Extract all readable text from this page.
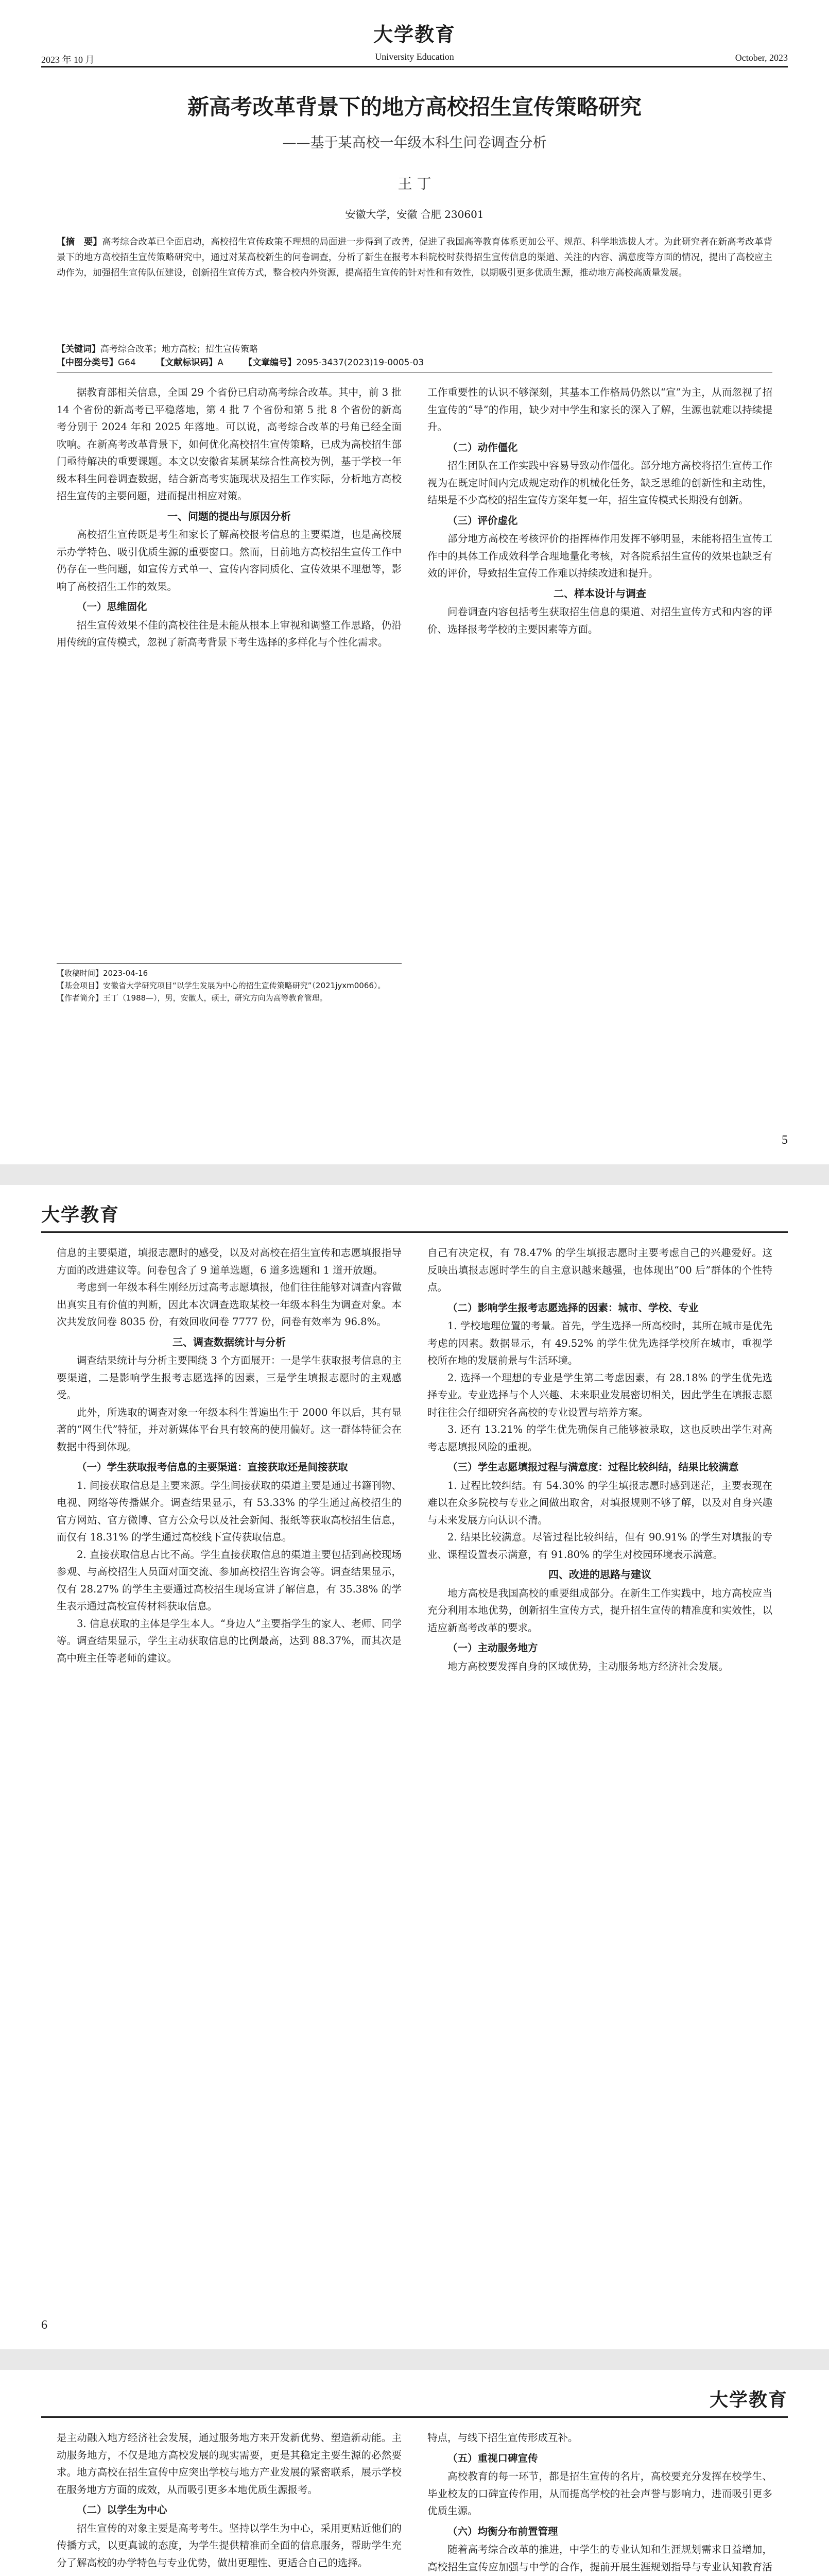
大学教育
2023 年 10 月	University Education	October, 2023
新高考改革背景下的地方高校招生宣传策略研究
——基于某高校一年级本科生问卷调查分析
王 丁
安徽大学，安徽 合肥 230601

【摘　要】高考综合改革已全面启动，高校招生宣传政策不理想的局面进一步得到了改善，促进了我国高等教育体系更加公平、规范、科学地选拔人才。为此研究者在新高考改革背景下的地方高校招生宣传策略研究中，通过对某高校新生的问卷调查，分析了新生在报考本科院校时获得招生宣传信息的渠道、关注的内容、满意度等方面的情况，提出了高校应主动作为，加强招生宣传队伍建设，创新招生宣传方式，整合校内外资源，提高招生宣传的针对性和有效性，以期吸引更多优质生源，推动地方高校高质量发展。

【关键词】高考综合改革；地方高校；招生宣传策略
【中图分类号】G64 【文献标识码】A 【文章编号】2095-3437(2023)19-0005-03

据教育部相关信息，全国 29 个省份已启动高考综合改革。其中，前 3 批 14 个省份的新高考已平稳落地，第 4 批 7 个省份和第 5 批 8 个省份的新高考分别于 2024 年和 2025 年落地。可以说，高考综合改革的号角已经全面吹响。在新高考改革背景下，如何优化高校招生宣传策略，已成为高校招生部门亟待解决的重要课题。本文以安徽省某属某综合性高校为例，基于学校一年级本科生问卷调查数据，结合新高考实施现状及招生工作实际，分析地方高校招生宣传的主要问题，进而提出相应对策。

一、问题的提出与原因分析

高校招生宣传既是考生和家长了解高校报考信息的主要渠道，也是高校展示办学特色、吸引优质生源的重要窗口。然而，目前地方高校招生宣传工作中仍存在一些问题，如宣传方式单一、宣传内容同质化、宣传效果不理想等，影响了高校招生工作的效果。

（一）思维固化

招生宣传效果不佳的高校往往是未能从根本上审视和调整工作思路，仍沿用传统的宣传模式，忽视了新高考背景下考生选择的多样化与个性化需求。

【收稿时间】2023-04-16
【基金项目】安徽省大学研究项目“以学生发展为中心的招生宣传策略研究”（2021jyxm0066）。
【作者简介】王丁（1988—），男，安徽人，硕士，研究方向为高等教育管理。

工作重要性的认识不够深刻，其基本工作格局仍然以“宣”为主，从而忽视了招生宣传的“导”的作用，缺少对中学生和家长的深入了解，生源也就难以持续提升。

（二）动作僵化

招生团队在工作实践中容易导致动作僵化。部分地方高校将招生宣传工作视为在既定时间内完成规定动作的机械化任务，缺乏思维的创新性和主动性，结果是不少高校的招生宣传方案年复一年，招生宣传模式长期没有创新。

（三）评价虚化

部分地方高校在考核评价的指挥棒作用发挥不够明显，未能将招生宣传工作中的具体工作成效科学合理地量化考核，对各院系招生宣传的效果也缺乏有效的评价，导致招生宣传工作难以持续改进和提升。

二、样本设计与调查

问卷调查内容包括考生获取招生信息的渠道、对招生宣传方式和内容的评价、选择报考学校的主要因素等方面。

5
大学教育

信息的主要渠道，填报志愿时的感受，以及对高校在招生宣传和志愿填报指导方面的改进建议等。问卷包含了 9 道单选题，6 道多选题和 1 道开放题。

考虑到一年级本科生刚经历过高考志愿填报，他们往往能够对调查内容做出真实且有价值的判断，因此本次调查选取某校一年级本科生为调查对象。本次共发放问卷 8035 份，有效回收问卷 7777 份，问卷有效率为 96.8%。

三、调查数据统计与分析

调查结果统计与分析主要围绕 3 个方面展开：一是学生获取报考信息的主要渠道，二是影响学生报考志愿选择的因素，三是学生填报志愿时的主观感受。

此外，所选取的调查对象一年级本科生普遍出生于 2000 年以后，其有显著的“网生代”特征，并对新媒体平台具有较高的使用偏好。这一群体特征会在数据中得到体现。

（一）学生获取报考信息的主要渠道：直接获取还是间接获取

1. 间接获取信息是主要来源。学生间接获取的渠道主要是通过书籍刊物、电视、网络等传播媒介。调查结果显示，有 53.33% 的学生通过高校招生的官方网站、官方微博、官方公众号以及社会新闻、报纸等获取高校招生信息，而仅有 18.31% 的学生通过高校线下宣传获取信息。

2. 直接获取信息占比不高。学生直接获取信息的渠道主要包括到高校现场参观、与高校招生人员面对面交流、参加高校招生咨询会等。调查结果显示，仅有 28.27% 的学生主要通过高校招生现场宣讲了解信息，有 35.38% 的学生表示通过高校宣传材料获取信息。

3. 信息获取的主体是学生本人。“身边人”主要指学生的家人、老师、同学等。调查结果显示，学生主动获取信息的比例最高，达到 88.37%，而其次是高中班主任等老师的建议。

自己有决定权，有 78.47% 的学生填报志愿时主要考虑自己的兴趣爱好。这反映出填报志愿时学生的自主意识越来越强，也体现出“00 后”群体的个性特点。

（二）影响学生报考志愿选择的因素：城市、学校、专业

1. 学校地理位置的考量。首先，学生选择一所高校时，其所在城市是优先考虑的因素。数据显示，有 49.52% 的学生优先选择学校所在城市，重视学校所在地的发展前景与生活环境。

2. 选择一个理想的专业是学生第二考虑因素，有 28.18% 的学生优先选择专业。专业选择与个人兴趣、未来职业发展密切相关，因此学生在填报志愿时往往会仔细研究各高校的专业设置与培养方案。

3. 还有 13.21% 的学生优先确保自己能够被录取，这也反映出学生对高考志愿填报风险的重视。

（三）学生志愿填报过程与满意度：过程比较纠结，结果比较满意

1. 过程比较纠结。有 54.30% 的学生填报志愿时感到迷茫，主要表现在难以在众多院校与专业之间做出取舍，对填报规则不够了解，以及对自身兴趣与未来发展方向认识不清。

2. 结果比较满意。尽管过程比较纠结，但有 90.91% 的学生对填报的专业、课程设置表示满意，有 91.80% 的学生对校园环境表示满意。

四、改进的思路与建议

地方高校是我国高校的重要组成部分。在新生工作实践中，地方高校应当充分利用本地优势，创新招生宣传方式，提升招生宣传的精准度和实效性，以适应新高考改革的要求。

（一）主动服务地方

地方高校要发挥自身的区域优势，主动服务地方经济社会发展。

6
大学教育

是主动融入地方经济社会发展，通过服务地方来开发新优势、塑造新动能。主动服务地方，不仅是地方高校发展的现实需要，更是其稳定主要生源的必然要求。地方高校在招生宣传中应突出学校与地方产业发展的紧密联系，展示学校在服务地方方面的成效，从而吸引更多本地优质生源报考。

（二）以学生为中心

招生宣传的对象主要是高考考生。坚持以学生为中心，采用更贴近他们的传播方式，以更真诚的态度，为学生提供精准而全面的信息服务，帮助学生充分了解高校的办学特色与专业优势，做出更理性、更适合自己的选择。

特点，与线下招生宣传形成互补。

（五）重视口碑宣传

高校教育的每一环节，都是招生宣传的名片，高校要充分发挥在校学生、毕业校友的口碑宣传作用，从而提高学校的社会声誉与影响力，进而吸引更多优质生源。

（六）均衡分布前置管理

随着高考综合改革的推进，中学生的专业认知和生涯规划需求日益增加，高校招生宣传应加强与中学的合作，提前开展生涯规划指导与专业认知教育活
